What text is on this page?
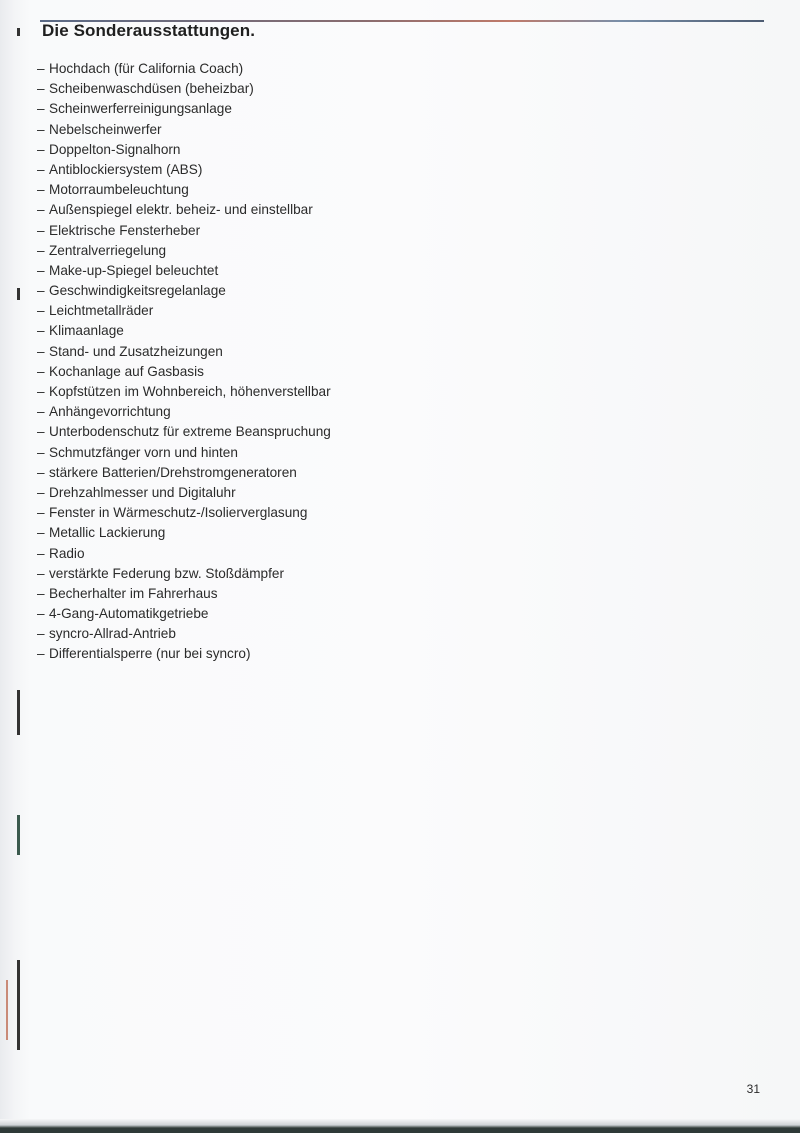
Die Sonderausstattungen.
– Hochdach (für California Coach)
– Scheibenwaschdüsen (beheizbar)
– Scheinwerferreinigungsanlage
– Nebelscheinwerfer
– Doppelton-Signalhorn
– Antiblockiersystem (ABS)
– Motorraumbeleuchtung
– Außenspiegel elektr. beheiz- und einstellbar
– Elektrische Fensterheber
– Zentralverriegelung
– Make-up-Spiegel beleuchtet
– Geschwindigkeitsregelanlage
– Leichtmetallräder
– Klimaanlage
– Stand- und Zusatzheizungen
– Kochanlage auf Gasbasis
– Kopfstützen im Wohnbereich, höhenverstellbar
– Anhängevorrichtung
– Unterbodenschutz für extreme Beanspruchung
– Schmutzfänger vorn und hinten
– stärkere Batterien/Drehstromgeneratoren
– Drehzahlmesser und Digitaluhr
– Fenster in Wärmeschutz-/Isolierverglasung
– Metallic Lackierung
– Radio
– verstärkte Federung bzw. Stoßdämpfer
– Becherhalter im Fahrerhaus
– 4-Gang-Automatikgetriebe
– syncro-Allrad-Antrieb
– Differentialsperre (nur bei syncro)
31
